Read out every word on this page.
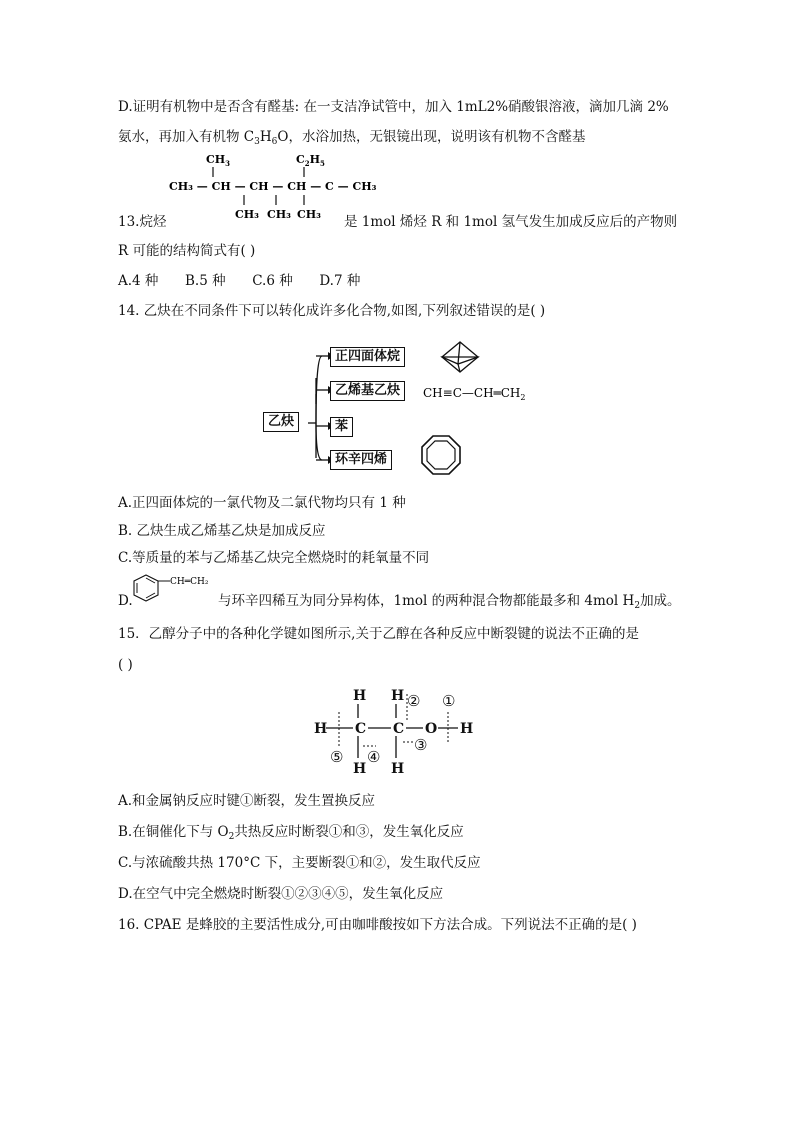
D.证明有机物中是否含有醛基: 在一支洁净试管中，加入 1mL2%硝酸银溶液，滴加几滴 2%
氨水，再加入有机物 $C_3H_6O$，水浴加热，无银镜出现，说明该有机物不含醛基
$CH_3$	$C_2H_5$
CH₃ — CH — CH — CH — C — CH₃
CH₃ CH₃ CH₃
13.烷烃	是 1mol 烯烃 R 和 1mol 氢气发生加成反应后的产物则
R 可能的结构简式有( )
A.4 种 B.5 种 C.6 种 D.7 种
14. 乙炔在不同条件下可以转化成许多化合物,如图,下列叙述错误的是( )
$CH\equiv C—CH═CH_2$
乙炔
正四面体烷
乙烯基乙炔
苯
环辛四烯
A.正四面体烷的一氯代物及二氯代物均只有 1 种
B. 乙炔生成乙烯基乙炔是加成反应
C.等质量的苯与乙烯基乙炔完全燃烧时的耗氧量不同
CH═CH₂
D.	与环辛四稀互为同分异构体，1mol 的两种混合物都能最多和 4mol $H_2$加成。
15．乙醇分子中的各种化学键如图所示,关于乙醇在各种反应中断裂键的说法不正确的是
( )
H H
H C C O H
H H
①
②
③
④
⑤
A.和金属钠反应时键①断裂，发生置换反应
B.在铜催化下与 $O_2$共热反应时断裂①和③，发生氧化反应
C.与浓硫酸共热 170°C 下，主要断裂①和②，发生取代反应
D.在空气中完全燃烧时断裂①②③④⑤，发生氧化反应
16. CPAE 是蜂胶的主要活性成分,可由咖啡酸按如下方法合成。下列说法不正确的是( )
